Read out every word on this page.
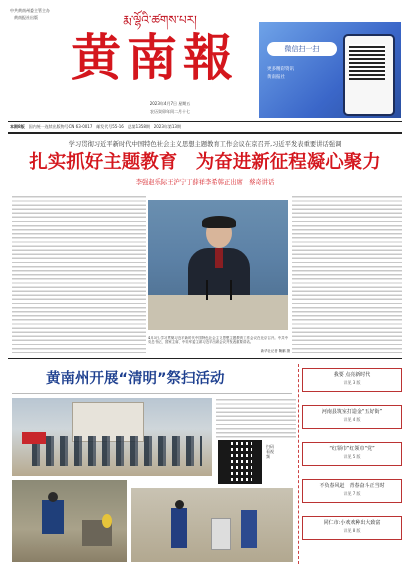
中共黄南州委主管主办
黄南报社出版	རྨ་ལྷོའི་ཚགས་པར།
黄南報
2023年4月7日 星期五
农历癸卯年闰二月十七
微信扫一扫
更多精彩资讯
黄南报社
本期8版 国内统一连续出版物号CN 63-0017 邮发代号55-16 总第1358期 2023年第13期
学习贯彻习近平新时代中国特色社会主义思想主题教育工作会议在京召开,习近平发表重要讲话强调
扎实抓好主题教育　为奋进新征程凝心聚力
李强赵乐际王沪宁丁薛祥李希韩正出席　蔡奇讲话
4月3日,学习贯彻习近平新时代中国特色社会主义思想主题教育工作会议在北京召开。中共中央总书记、国家主席、中央军委主席习近平出席会议并发表重要讲话。
新华社记者 鞠鹏 摄
黄南州开展“清明”祭扫活动
扫码看视频
我要 点亮新时代
详见 3 版
河南县筑室打造金“五好街”
详见 4 版
“红领巾”红领巾“党”
详见 5 版
不负春风赶　青春奋斗正当时
详见 7 版
同仁市:小欢欢种出大致富
详见 8 版
